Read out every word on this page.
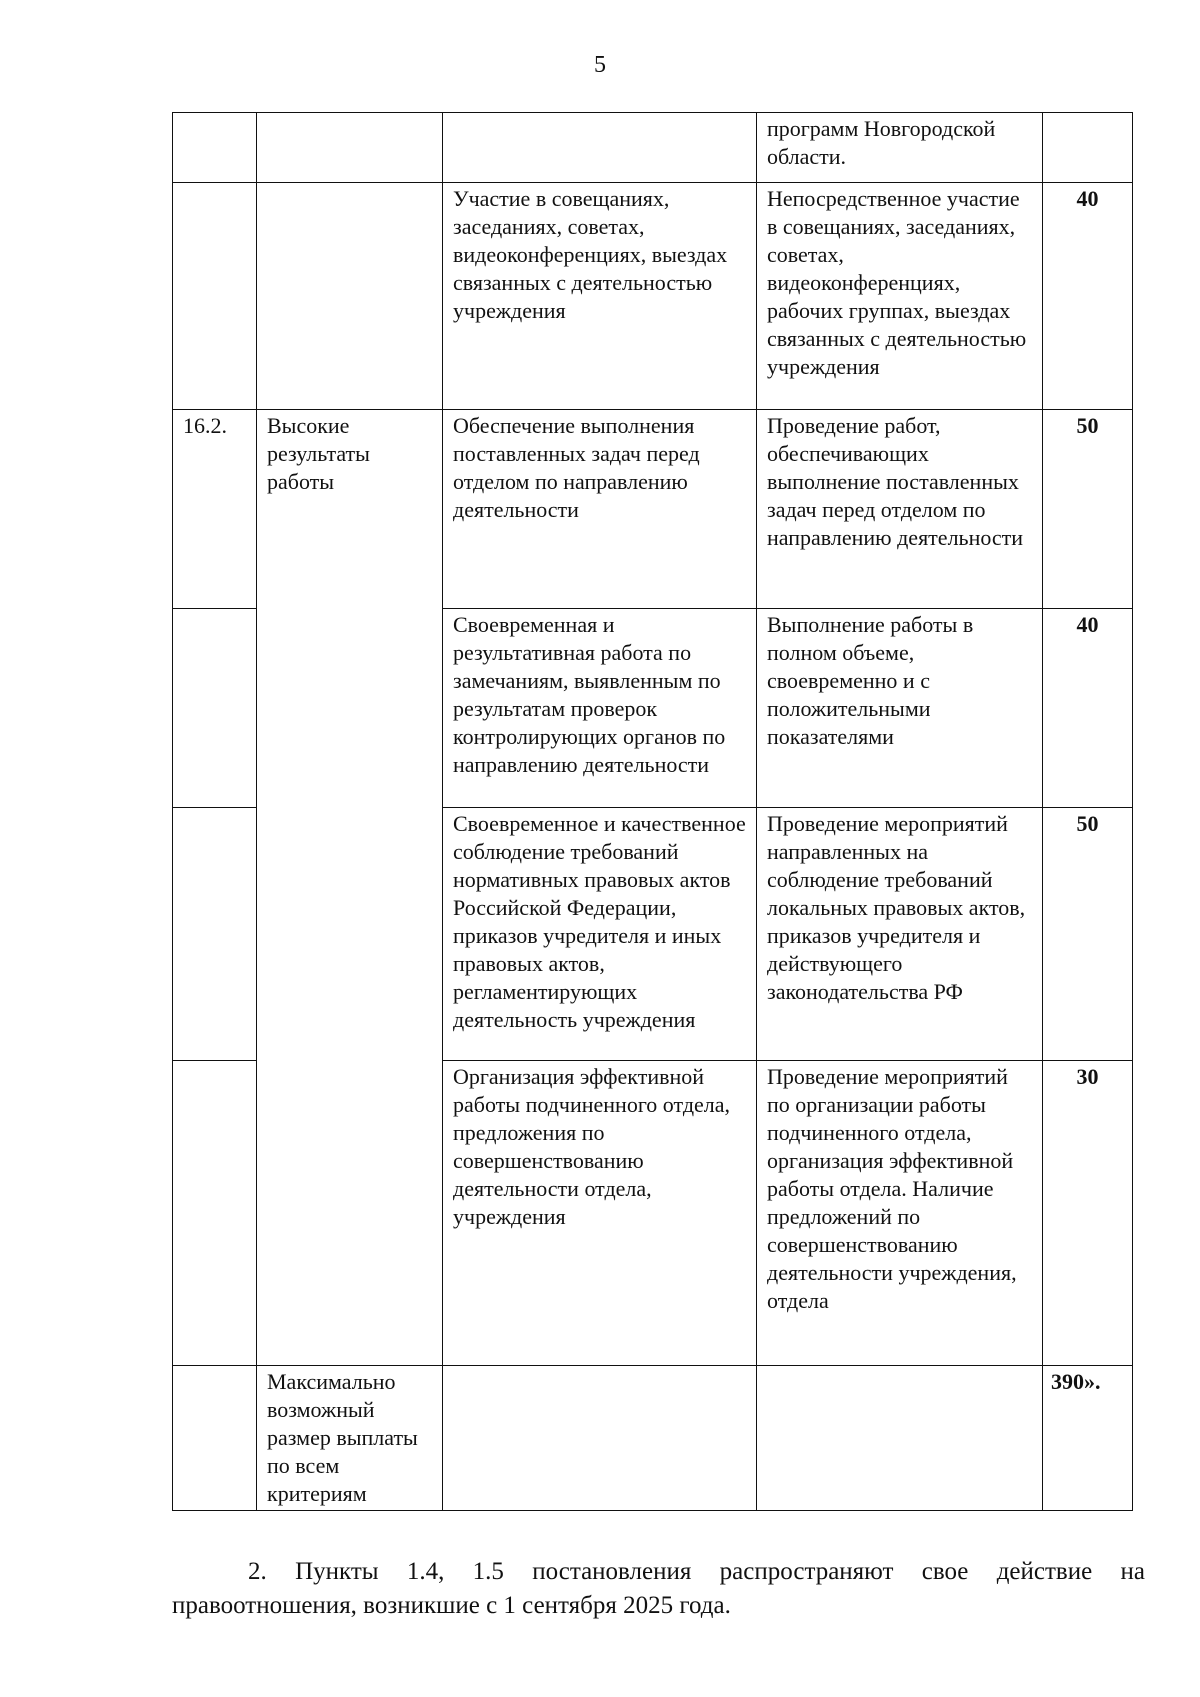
5
			программ Новгородской области.	
		Участие в совещаниях, заседаниях, советах, видеоконференциях, выездах связанных с деятельностью учреждения	Непосредственное участие в совещаниях, заседаниях, советах, видеоконференциях, рабочих группах, выездах связанных с деятельностью учреждения	40
16.2.	Высокие результаты работы	Обеспечение выполнения поставленных задач перед отделом по направлению деятельности	Проведение работ, обеспечивающих выполнение поставленных задач перед отделом по направлению деятельности	50
		Своевременная и результативная работа по замечаниям, выявленным по результатам проверок контролирующих органов по направлению деятельности	Выполнение работы в полном объеме, своевременно и с положительными показателями	40
		Своевременное и качественное соблюдение требований нормативных правовых актов Российской Федерации, приказов учредителя и иных правовых актов, регламентирующих деятельность учреждения	Проведение мероприятий направленных на соблюдение требований локальных правовых актов, приказов учредителя и действующего законодательства РФ	50
		Организация эффективной работы подчиненного отдела, предложения по совершенствованию деятельности отдела, учреждения	Проведение мероприятий по организации работы подчиненного отдела, организация эффективной работы отдела. Наличие предложений по совершенствованию деятельности учреждения, отдела	30
	Максимально возможный размер выплаты по всем критериям			390».

2. Пункты 1.4, 1.5 постановления распространяют свое действие на правоотношения, возникшие с 1 сентября 2025 года.
